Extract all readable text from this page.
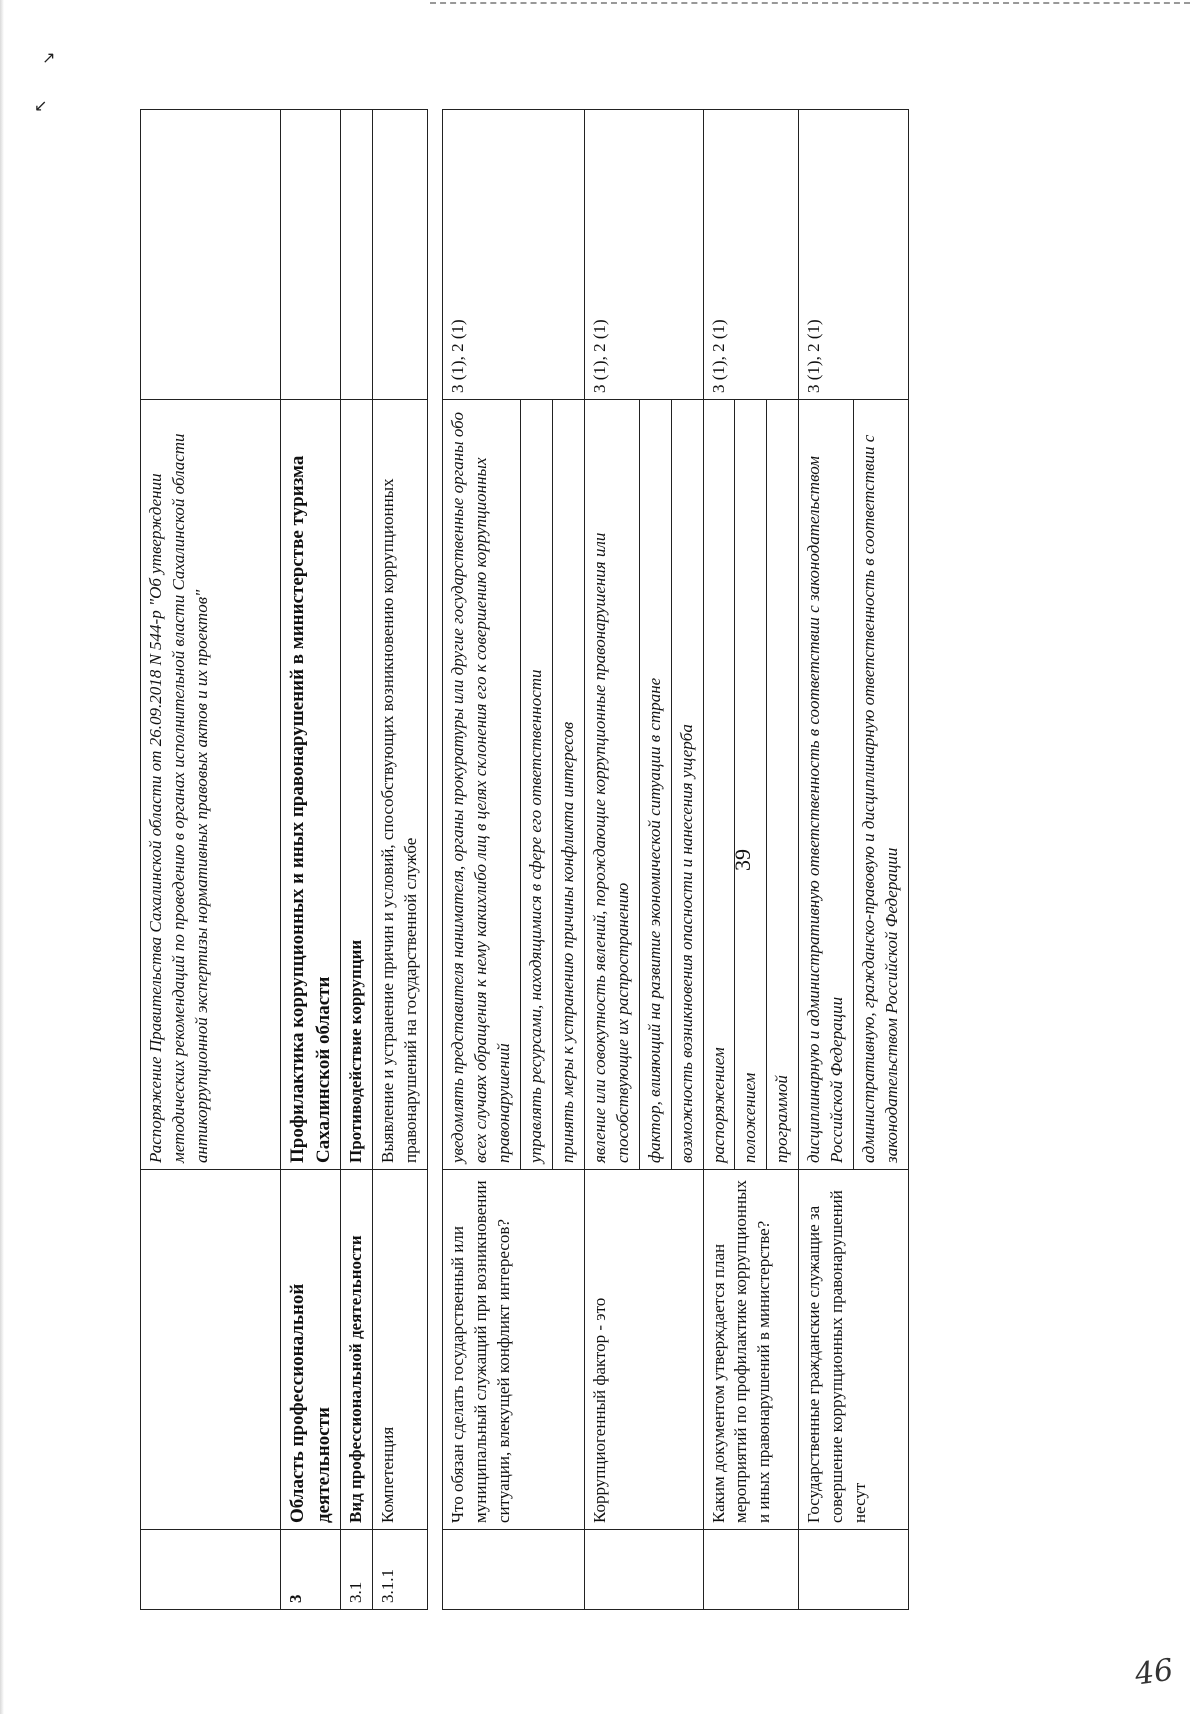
↗
↙
39
		Распоряжение Правительства Сахалинской области от 26.09.2018 N 544-р "Об утверждении методических рекомендаций по проведению в органах исполнительной власти Сахалинской области антикоррупционной экспертизы нормативных правовых актов и их проектов"	
3	Область профессиональной деятельности	Профилактика коррупционных и иных правонарушений в министерстве туризма Сахалинской области	
3.1	Вид профессиональной деятельности	Противодействие коррупции	
3.1.1	Компетенция	Выявление и устранение причин и условий, способствующих возникновению коррупционных правонарушений на государственной службе	

	Что обязан сделать государственный или муниципальный служащий при возникновении ситуации, влекущей конфликт интересов?	уведомлять представителя нанимателя, органы прокуратуры или другие государственные органы обо всех случаях обращения к нему какихлибо лиц в целях склонения его к совершению коррупционных правонарушений	3 (1), 2 (1)
		управлять ресурсами, находящимися в сфере его ответственности	
		принять меры к устранению причины конфликта интересов	
	Коррупциогенный фактор - это	явление или совокупность явлений, порождающие коррупционные правонарушения или способствующие их распространению	3 (1), 2 (1)
		фактор, влияющий на развитие экономической ситуации в стране	
		возможность возникновения опасности и нанесения ущерба	
	Каким документом утверждается план мероприятий по профилактике коррупционных и иных правонарушений в министерстве?	распоряжением	3 (1), 2 (1)
		положением	
		программой	
	Государственные гражданские служащие за совершение коррупционных правонарушений несут	дисциплинарную и административную ответственность в соответствии с законодательством Российской Федерации	3 (1), 2 (1)
		административную, гражданско-правовую и дисциплинарную ответственность в соответствии с законодательством Российской Федерации	
46
